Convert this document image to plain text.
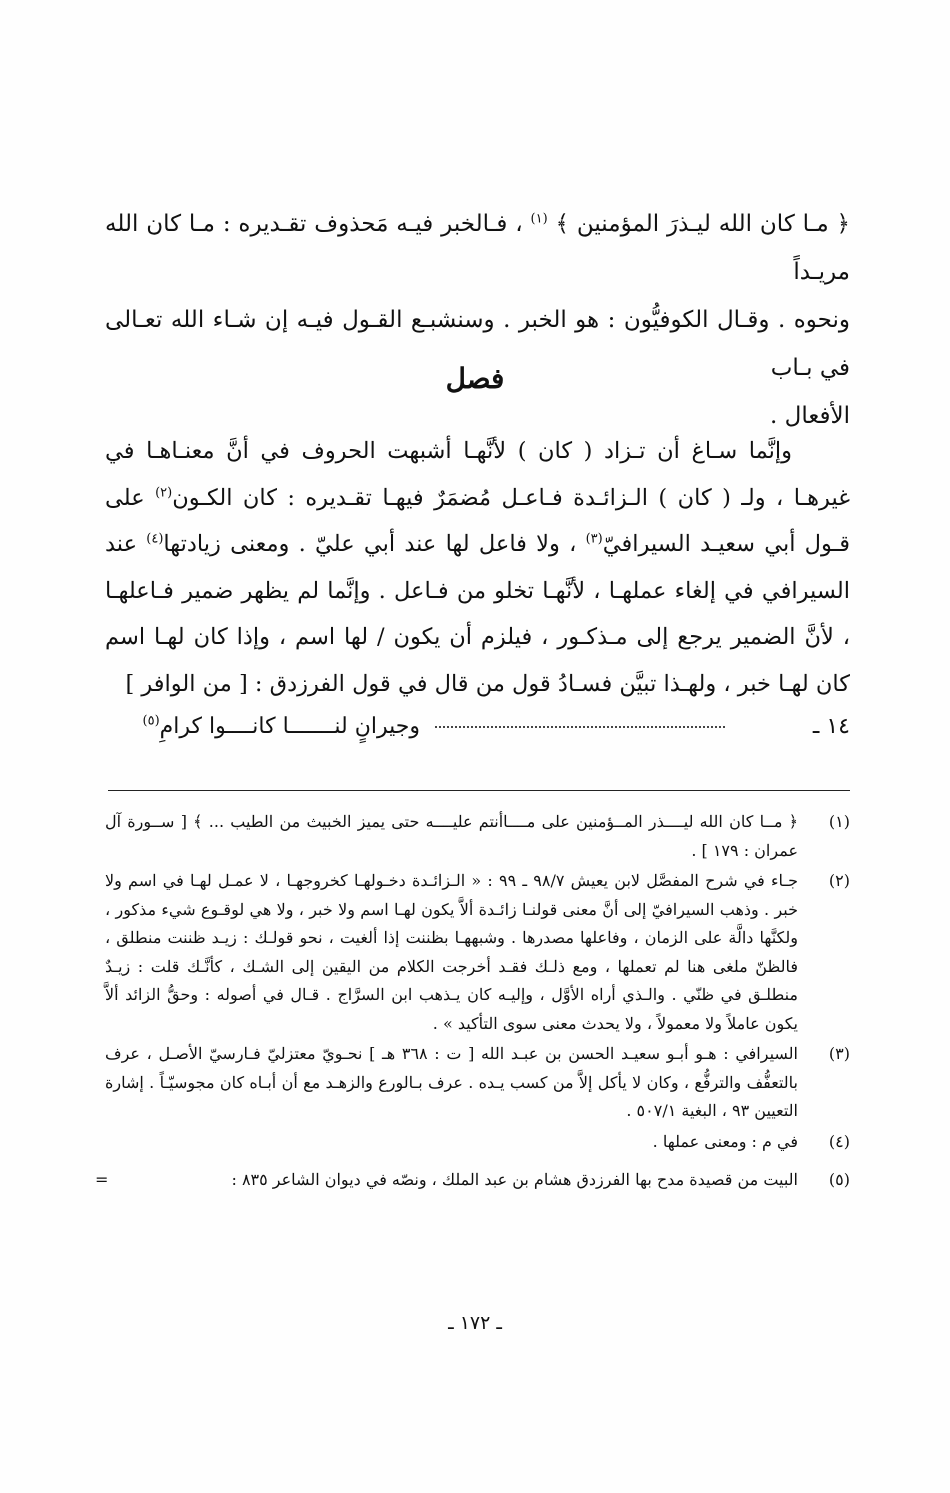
﴿ مـا كان الله ليـذرَ المؤمنين ﴾ $^{(١)}$ ، فـالخبر فيـه مَحذوف تقـديره : مـا كان الله مريـداً

ونحوه . وقـال الكوفيُّون : هو الخبر . وسنشبـع القـول فيـه إن شـاء الله تعـالى في بـاب

الأفعال .

فصل

وإنَّما سـاغ أن تـزاد ( كان ) لأنَّهـا أشبهت الحروف في أنَّ معنـاهـا في غيرهـا ، ولـ ( كان ) الـزائـدة فـاعـل مُضمَرٌ فيهـا تقـديره : كان الكـون$^{(٢)}$ على قـول أبي سعيـد السيرافيّ$^{(٣)}$ ، ولا فاعل لها عند أبي عليّ . ومعنى زيادتها$^{(٤)}$ عند السيرافي في إلغاء عملهـا ، لأنَّهـا تخلو من فـاعل . وإنَّما لم يظهر ضمير فـاعلهـا ، لأنَّ الضمير يرجع إلى مـذكـور ، فيلزم أن يكون / لها اسم ، وإذا كان لهـا اسم كان لهـا خبر ، ولهـذا تبيَّن فسـادُ قول من قال في قول الفرزدق : [ من الوافر ]

١٤ ـ
وجيرانٍ لنـــــــا كانــــوا كرامِ$^{(٥)}$
(١)
﴿ مــا كان الله ليــــذر المــؤمنين على مــــاأنتم عليــــه حتى يميز الخبيث من الطيب ... ﴾ [ ســورة آل عمران : ١٧٩ ] .
(٢)
جـاء في شرح المفصَّل لابن يعيش ٩٨/٧ ـ ٩٩ : « الـزائـدة دخـولهـا كخروجهـا ، لا عمـل لهـا في اسم ولا خبر . وذهب السيرافيّ إلى أنَّ معنى قولنـا زائـدة ألاَّ يكون لهـا اسم ولا خبر ، ولا هي لوقـوع شيء مذكور ، ولكنَّها دالَّة على الزمان ، وفاعلها مصدرها . وشبههـا بظننت إذا ألغيت ، نحو قولـك : زيـد ظننت منطلق ، فالظنّ ملغى هنا لم تعملها ، ومع ذلـك فقـد أخرجت الكلام من اليقين إلى الشـك ، كأنَّـك قلت : زيـدٌ منطلـق في ظنّي . والـذي أراه الأوَّل ، وإليـه كان يـذهب ابن السرَّاج . قـال في أصوله : وحقُّ الزائد ألاَّ يكون عاملاً ولا معمولاً ، ولا يحدث معنى سوى التأكيد » .
(٣)
السيرافي : هـو أبـو سعيـد الحسن بن عبـد الله [ ت : ٣٦٨ هـ ] نحـويّ معتزليّ فـارسيّ الأصـل ، عرف بالتعفُّف والترفُّع ، وكان لا يأكل إلاَّ من كسب يـده . عرف بـالورع والزهـد مع أن أبـاه كان مجوسيّـاً . إشارة التعيين ٩٣ ، البغية ٥٠٧/١ .
(٤)
في م : ومعنى عملها .
(٥)
البيت من قصيدة مدح بها الفرزدق هشام بن عبد الملك ، ونصّه في ديوان الشاعر ٨٣٥ :
=
ـ ١٧٢ ـ
